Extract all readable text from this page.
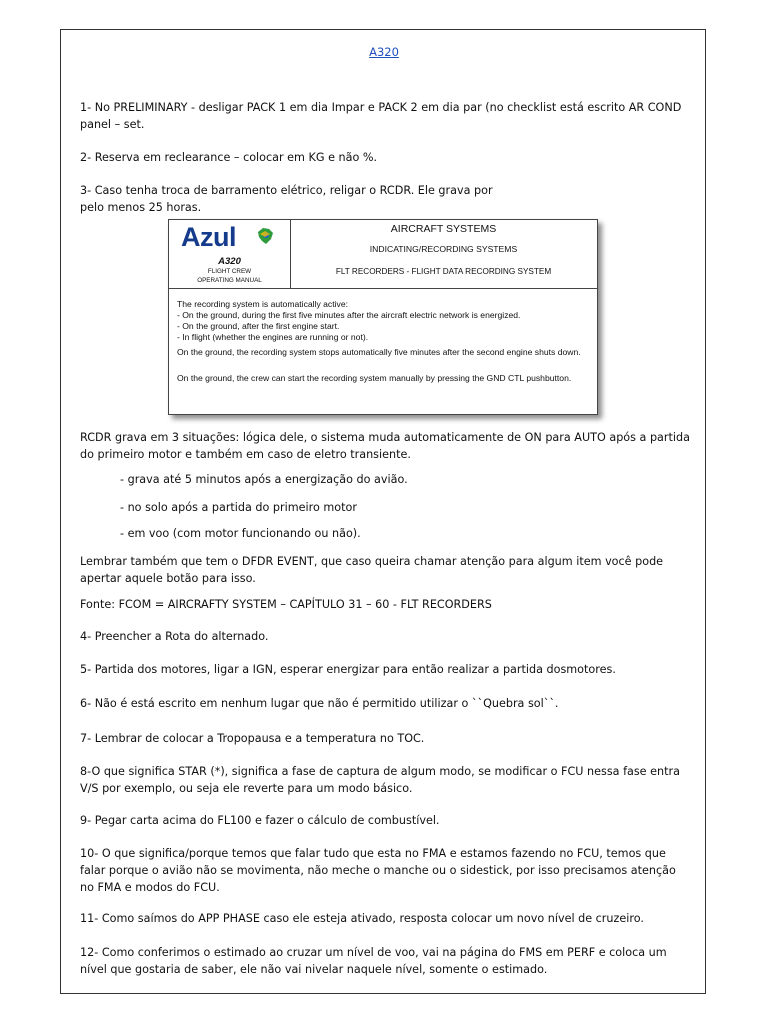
A320

1- No PRELIMINARY - desligar PACK 1 em dia Impar e PACK 2 em dia par (no checklist está escrito AR COND panel – set.

2- Reserva em reclearance – colocar em KG e não %.

3- Caso tenha troca de barramento elétrico, religar o RCDR. Ele grava por pelo menos 25 horas.

Azul
A320
FLIGHT CREW
OPERATING MANUAL
AIRCRAFT SYSTEMS
INDICATING/RECORDING SYSTEMS
FLT RECORDERS - FLIGHT DATA RECORDING SYSTEM
The recording system is automatically active:
- On the ground, during the first five minutes after the aircraft electric network is energized.
- On the ground, after the first engine start.
- In flight (whether the engines are running or not).
On the ground, the recording system stops automatically five minutes after the second engine shuts down.
On the ground, the crew can start the recording system manually by pressing the GND CTL pushbutton.

RCDR grava em 3 situações: lógica dele, o sistema muda automaticamente de ON para AUTO após a partida do primeiro motor e também em caso de eletro transiente.

- grava até 5 minutos após a energização do avião.

- no solo após a partida do primeiro motor

- em voo (com motor funcionando ou não).

Lembrar também que tem o DFDR EVENT, que caso queira chamar atenção para algum item você pode apertar aquele botão para isso.

Fonte: FCOM = AIRCRAFTY SYSTEM – CAPÍTULO 31 – 60 - FLT RECORDERS

4- Preencher a Rota do alternado.

5- Partida dos motores, ligar a IGN, esperar energizar para então realizar a partida dosmotores.

6- Não é está escrito em nenhum lugar que não é permitido utilizar o ``Quebra sol``.

7- Lembrar de colocar a Tropopausa e a temperatura no TOC.

8-O que significa STAR (*), significa a fase de captura de algum modo, se modificar o FCU nessa fase entra V/S por exemplo, ou seja ele reverte para um modo básico.

9- Pegar carta acima do FL100 e fazer o cálculo de combustível.

10- O que significa/porque temos que falar tudo que esta no FMA e estamos fazendo no FCU, temos que falar porque o avião não se movimenta, não meche o manche ou o sidestick, por isso precisamos atenção no FMA e modos do FCU.

11- Como saímos do APP PHASE caso ele esteja ativado, resposta colocar um novo nível de cruzeiro.

12- Como conferimos o estimado ao cruzar um nível de voo, vai na página do FMS em PERF e coloca um nível que gostaria de saber, ele não vai nivelar naquele nível, somente o estimado.
